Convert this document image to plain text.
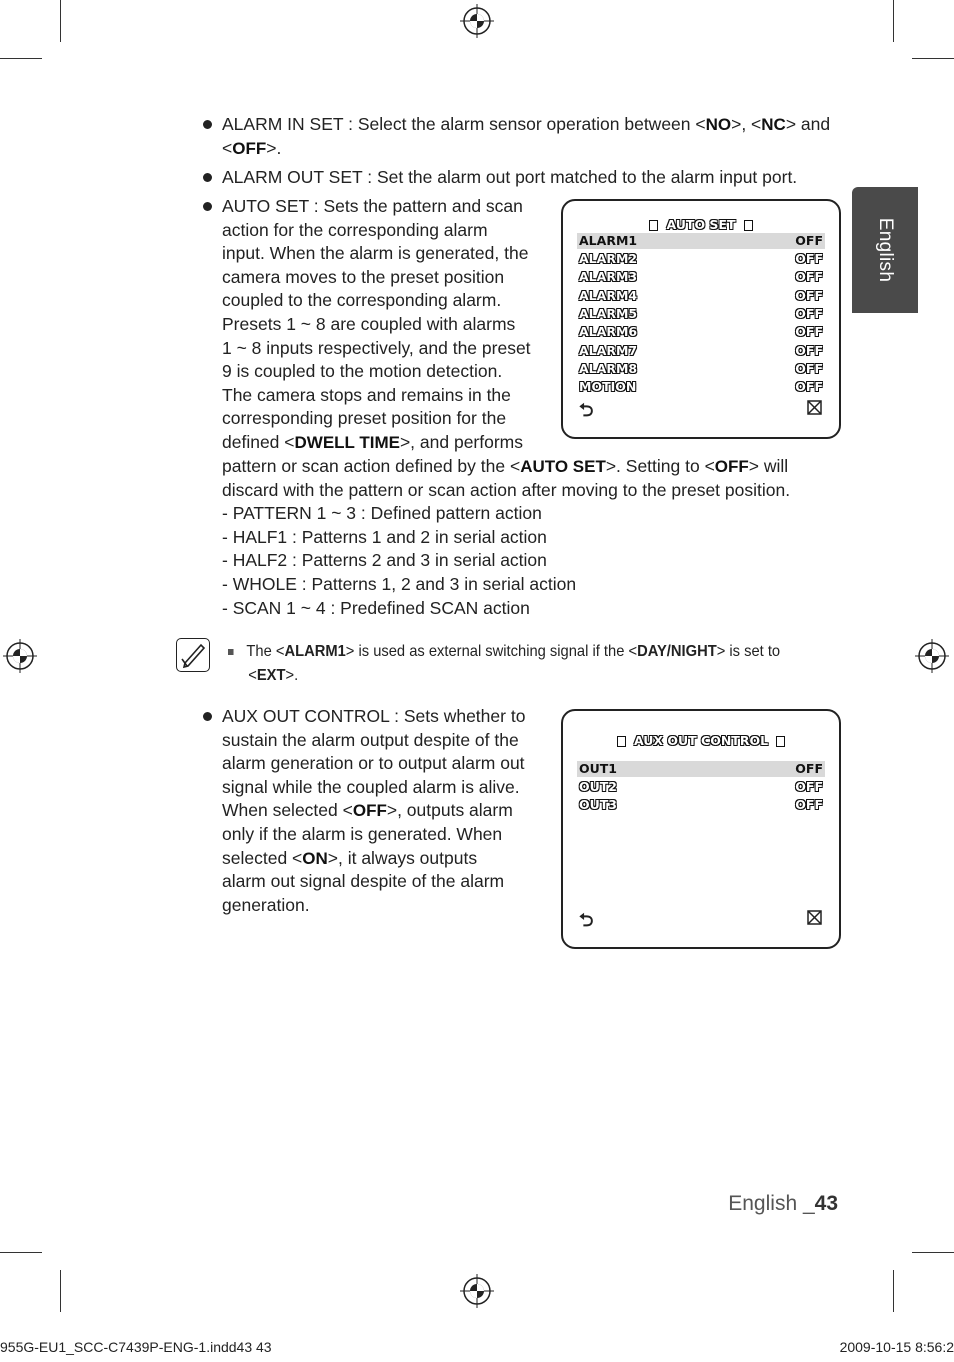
English
ALARM IN SET : Select the alarm sensor operation between <NO>, <NC> and
<OFF>.
ALARM OUT SET : Set the alarm out port matched to the alarm input port.
AUTO SET : Sets the pattern and scan
action for the corresponding alarm
input. When the alarm is generated, the
camera moves to the preset position
coupled to the corresponding alarm.
Presets 1 ~ 8 are coupled with alarms
1 ~ 8 inputs respectively, and the preset
9 is coupled to the motion detection.
The camera stops and remains in the
corresponding preset position for the
defined <DWELL TIME>, and performs
pattern or scan action defined by the <AUTO SET>. Setting to <OFF> will
discard with the pattern or scan action after moving to the preset position.
- PATTERN 1 ~ 3 : Defined pattern action
- HALF1 : Patterns 1 and 2 in serial action
- HALF2 : Patterns 2 and 3 in serial action
- WHOLE : Patterns 1, 2 and 3 in serial action
- SCAN 1 ~ 4 : Predefined SCAN action
AUTO SET
ALARM1	OFF
ALARM2	OFF
ALARM3	OFF
ALARM4	OFF
ALARM5	OFF
ALARM6	OFF
ALARM7	OFF
ALARM8	OFF
MOTION	OFF
⮌
The <ALARM1> is used as external switching signal if the <DAY/NIGHT> is set to
<EXT>.
AUX OUT CONTROL : Sets whether to
sustain the alarm output despite of the
alarm generation or to output alarm out
signal while the coupled alarm is alive.
When selected <OFF>, outputs alarm
only if the alarm is generated. When
selected <ON>, it always outputs
alarm out signal despite of the alarm
generation.
AUX OUT CONTROL
OUT1	OFF
OUT2	OFF
OUT3	OFF
⮌
English _43
955G-EU1_SCC-C7439P-ENG-1.indd43 43	2009-10-15 8:56:2
